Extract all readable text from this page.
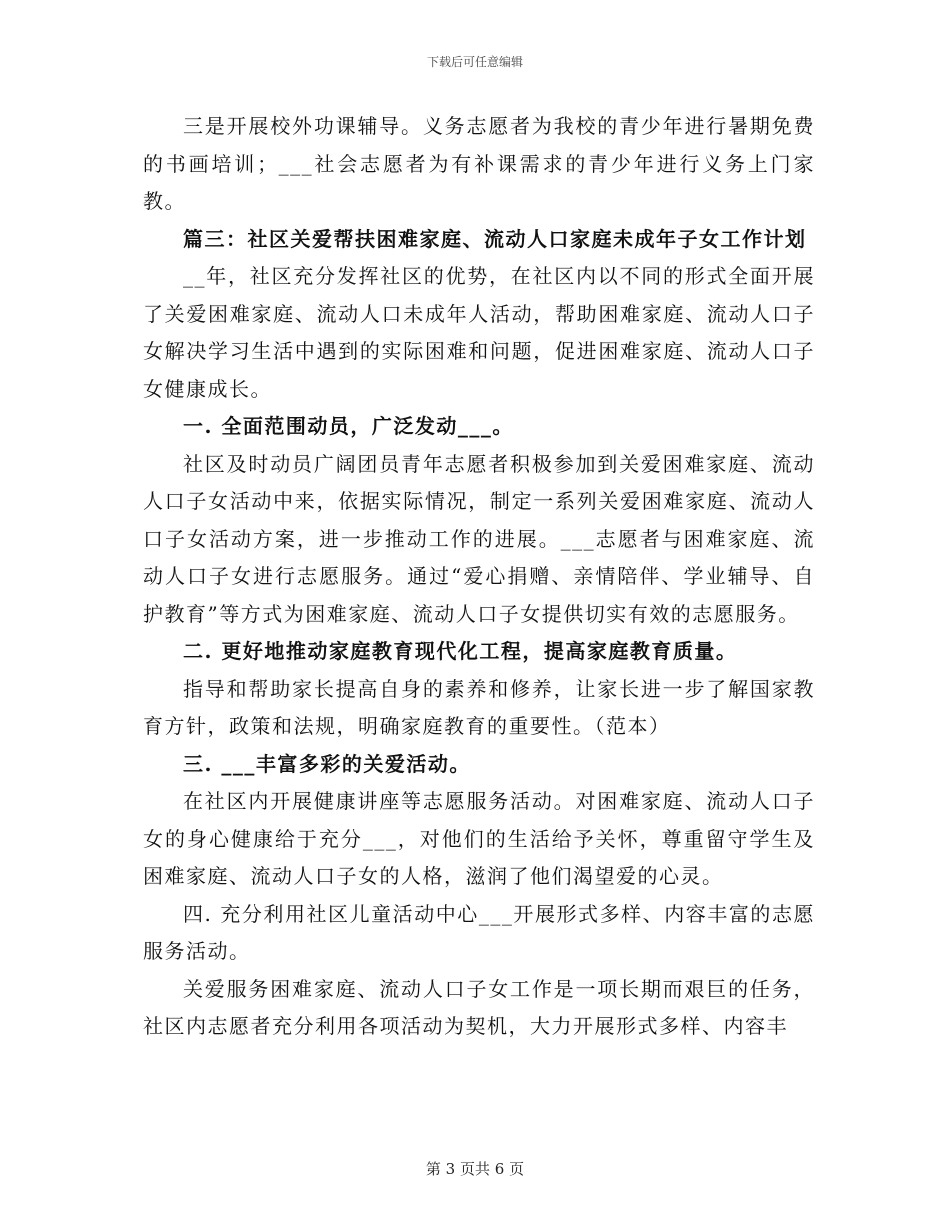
下载后可任意编辑

三是开展校外功课辅导。义务志愿者为我校的青少年进行暑期免费的书画培训；___社会志愿者为有补课需求的青少年进行义务上门家教。

篇三：社区关爱帮扶困难家庭、流动人口家庭未成年子女工作计划

__年，社区充分发挥社区的优势，在社区内以不同的形式全面开展了关爱困难家庭、流动人口未成年人活动，帮助困难家庭、流动人口子女解决学习生活中遇到的实际困难和问题，促进困难家庭、流动人口子女健康成长。

一. 全面范围动员，广泛发动___。

社区及时动员广阔团员青年志愿者积极参加到关爱困难家庭、流动人口子女活动中来，依据实际情况，制定一系列关爱困难家庭、流动人口子女活动方案，进一步推动工作的进展。___志愿者与困难家庭、流动人口子女进行志愿服务。通过“爱心捐赠、亲情陪伴、学业辅导、自护教育”等方式为困难家庭、流动人口子女提供切实有效的志愿服务。

二. 更好地推动家庭教育现代化工程，提高家庭教育质量。

指导和帮助家长提高自身的素养和修养，让家长进一步了解国家教育方针，政策和法规，明确家庭教育的重要性。（范本）

三. ___丰富多彩的关爱活动。

在社区内开展健康讲座等志愿服务活动。对困难家庭、流动人口子女的身心健康给于充分___，对他们的生活给予关怀，尊重留守学生及困难家庭、流动人口子女的人格，滋润了他们渴望爱的心灵。

四. 充分利用社区儿童活动中心___开展形式多样、内容丰富的志愿服务活动。

关爱服务困难家庭、流动人口子女工作是一项长期而艰巨的任务，社区内志愿者充分利用各项活动为契机，大力开展形式多样、内容丰

第 3 页共 6 页
